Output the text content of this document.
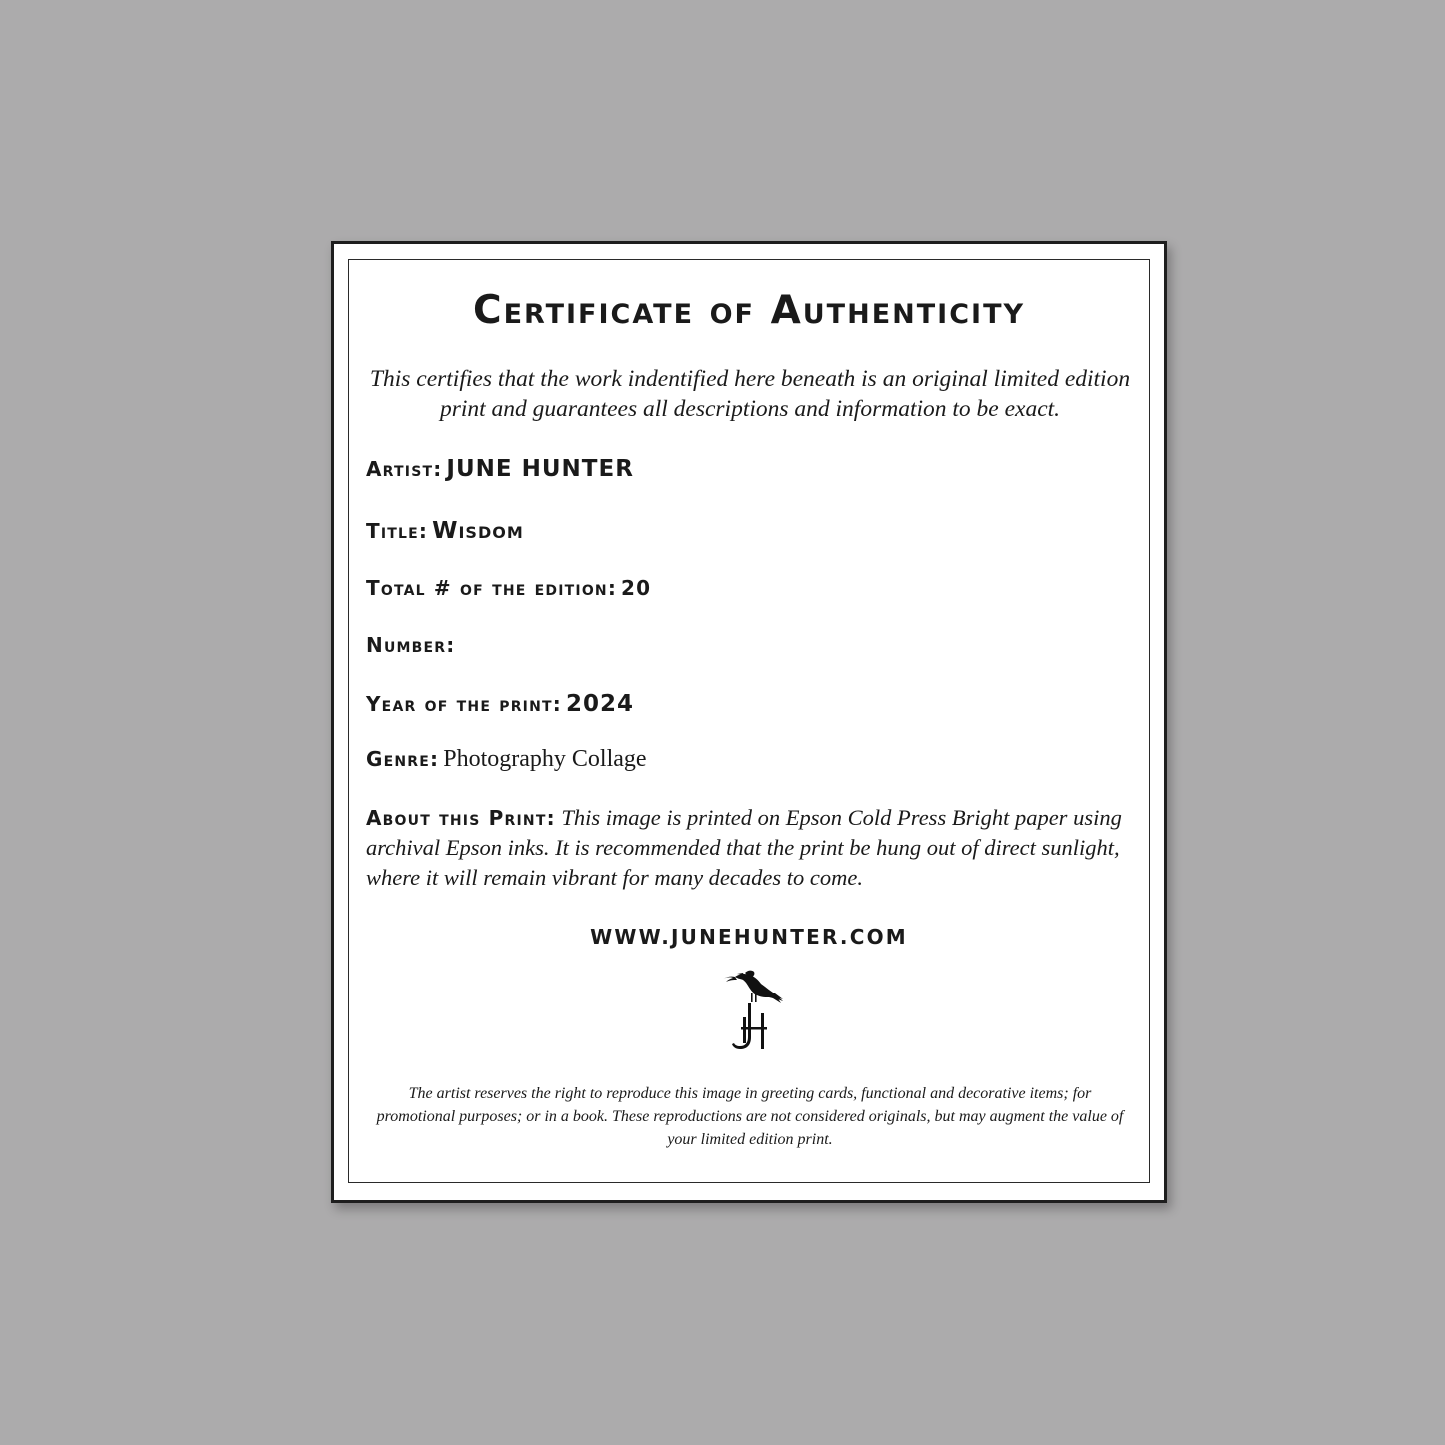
Certificate of Authenticity
This certifies that the work indentified here beneath is an original limited edition print and guarantees all descriptions and information to be exact.
Artist: JUNE HUNTER
Title: Wisdom
Total # of the edition: 20
Number:
Year of the print: 2024
Genre: Photography Collage
About this Print: This image is printed on Epson Cold Press Bright paper using archival Epson inks. It is recommended that the print be hung out of direct sunlight, where it will remain vibrant for many decades to come.
WWW.JUNEHUNTER.COM
The artist reserves the right to reproduce this image in greeting cards, functional and decorative items; for promotional purposes; or in a book. These reproductions are not considered originals, but may augment the value of your limited edition print.
